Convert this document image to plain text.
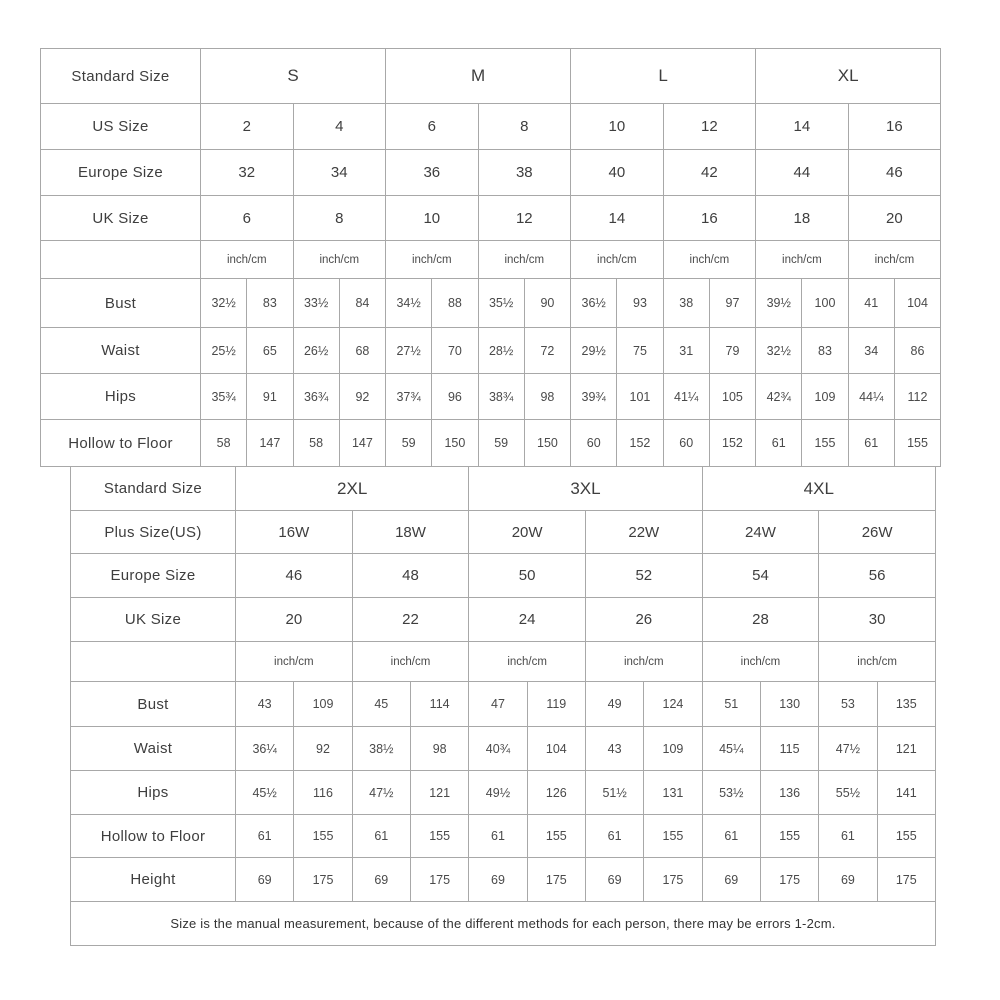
Standard Size	S				M				L				XL			
US Size	2		4		6		8		10		12		14		16	
Europe Size	32		34		36		38		40		42		44		46	
UK Size	6		8		10		12		14		16		18		20	
	inch/cm		inch/cm		inch/cm		inch/cm		inch/cm		inch/cm		inch/cm		inch/cm	
Bust	32½	83	33½	84	34½	88	35½	90	36½	93	38	97	39½	100	41	104
Waist	25½	65	26½	68	27½	70	28½	72	29½	75	31	79	32½	83	34	86
Hips	35¾	91	36¾	92	37¾	96	38¾	98	39¾	101	41¼	105	42¾	109	44¼	112
Hollow to Floor	58	147	58	147	59	150	59	150	60	152	60	152	61	155	61	155
Standard Size	2XL				3XL				4XL			
Plus Size(US)	16W		18W		20W		22W		24W		26W	
Europe Size	46		48		50		52		54		56	
UK Size	20		22		24		26		28		30	
	inch/cm		inch/cm		inch/cm		inch/cm		inch/cm		inch/cm	
Bust	43	109	45	114	47	119	49	124	51	130	53	135
Waist	36¼	92	38½	98	40¾	104	43	109	45¼	115	47½	121
Hips	45½	116	47½	121	49½	126	51½	131	53½	136	55½	141
Hollow to Floor	61	155	61	155	61	155	61	155	61	155	61	155
Height	69	175	69	175	69	175	69	175	69	175	69	175
Size is the manual measurement, because of the different methods for each person, there may be errors 1-2cm.												
